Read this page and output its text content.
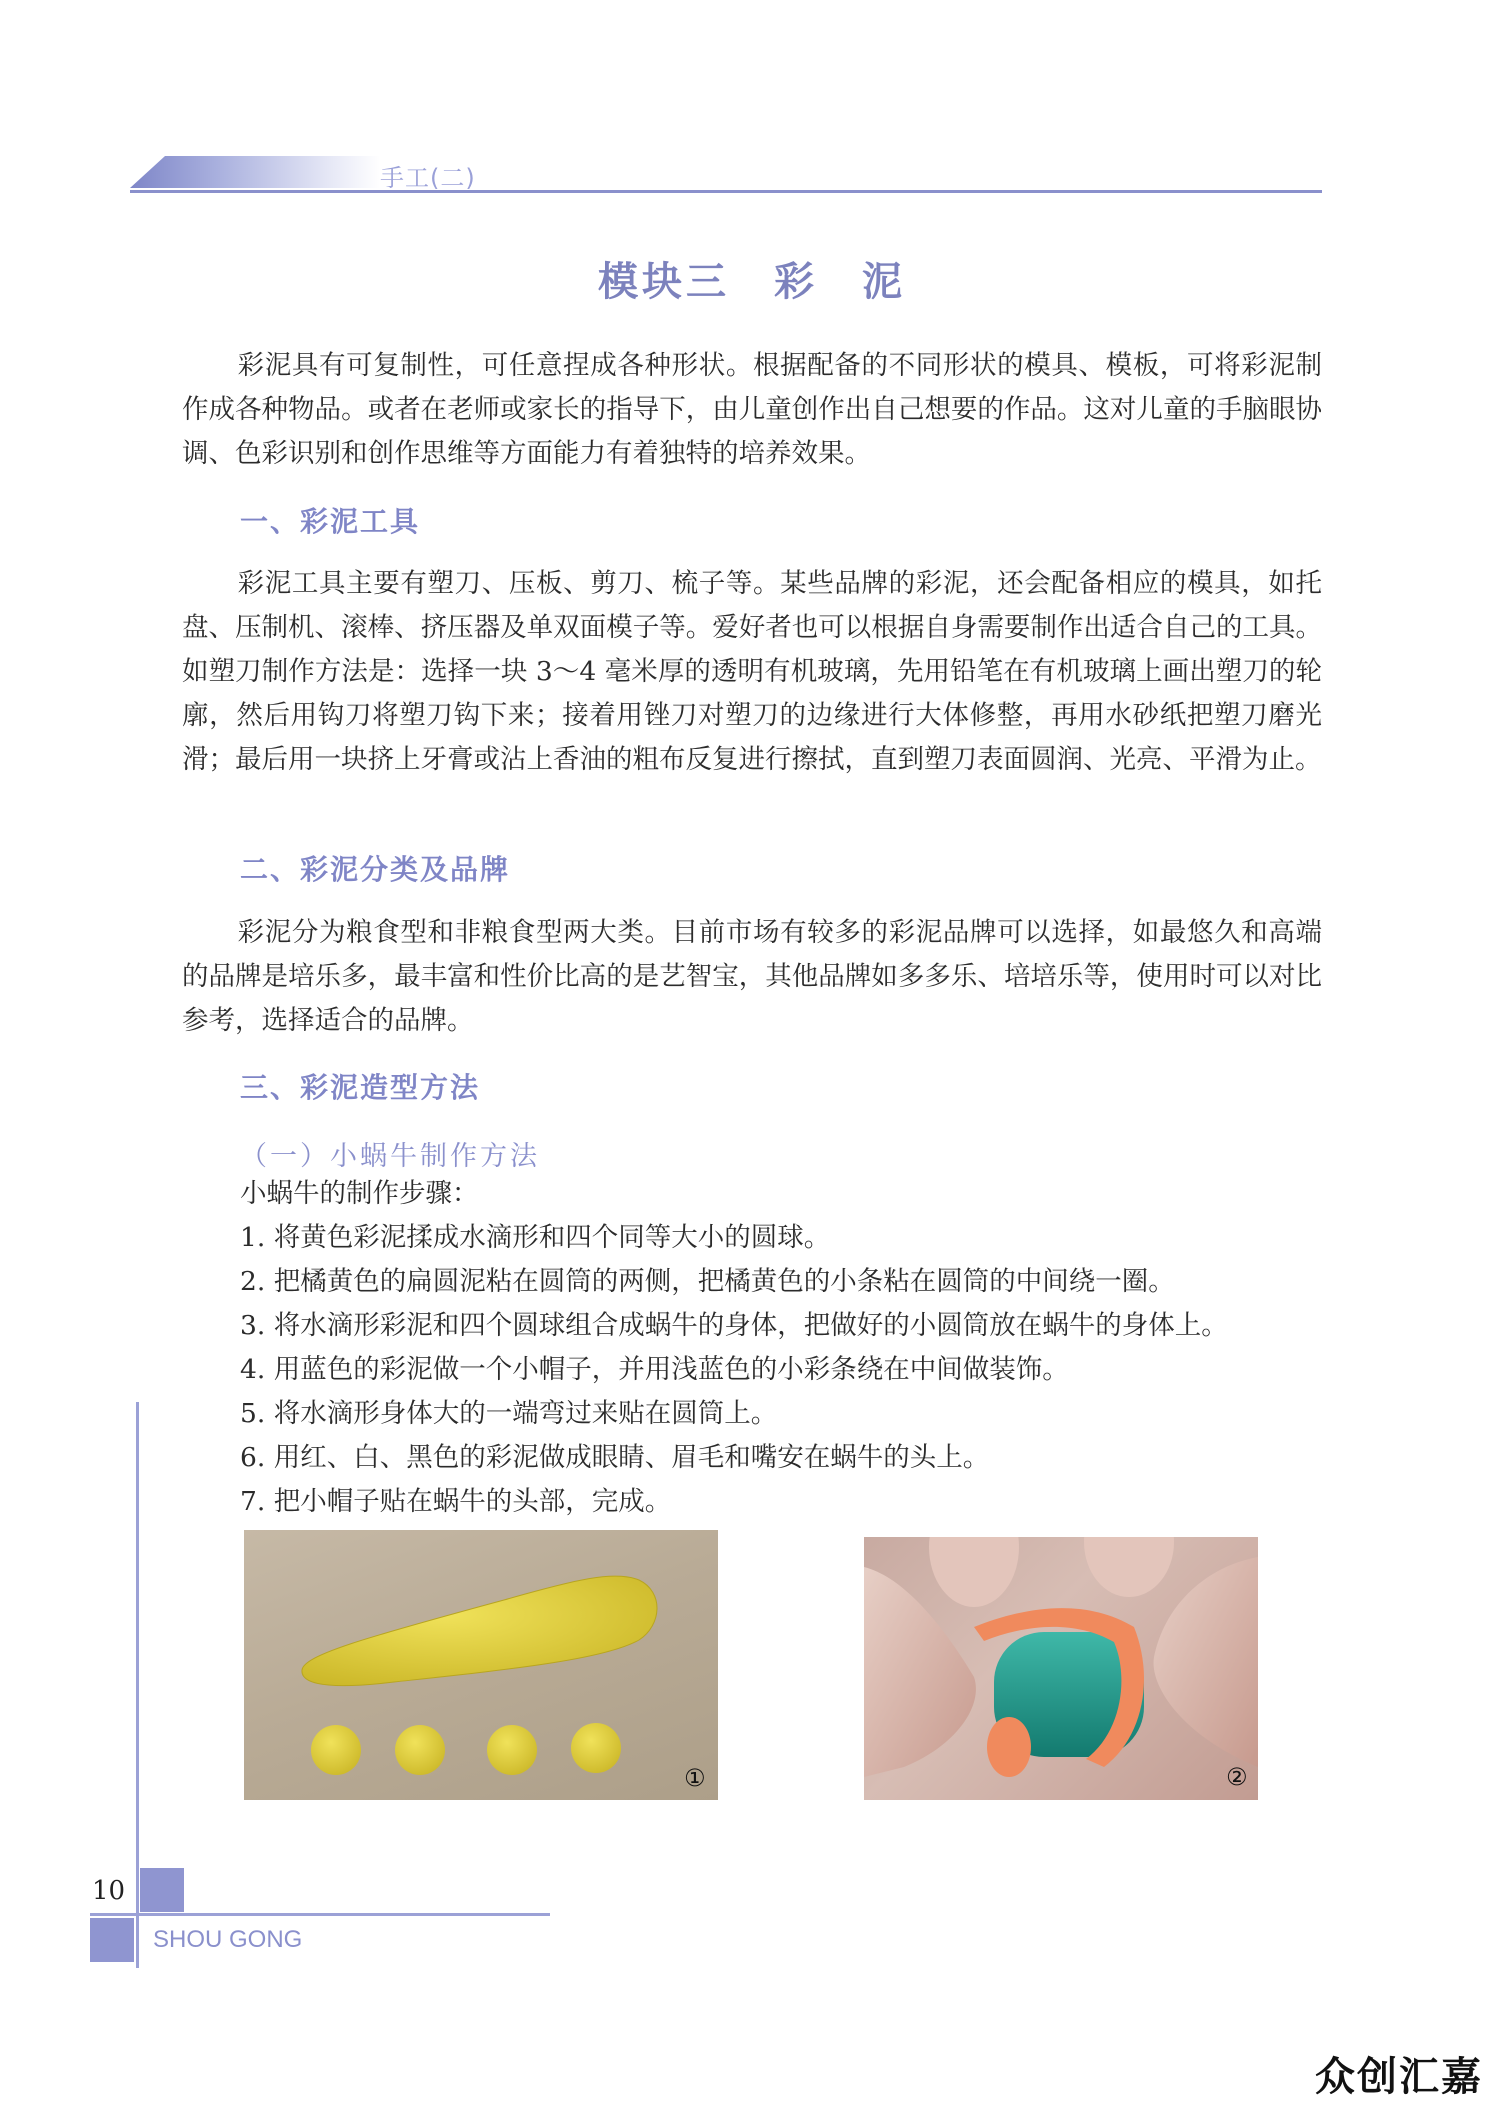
手工(二)
模块三　彩　泥

彩泥具有可复制性，可任意捏成各种形状。根据配备的不同形状的模具、模板，可将彩泥制作成各种物品。或者在老师或家长的指导下，由儿童创作出自己想要的作品。这对儿童的手脑眼协调、色彩识别和创作思维等方面能力有着独特的培养效果。

一、彩泥工具

彩泥工具主要有塑刀、压板、剪刀、梳子等。某些品牌的彩泥，还会配备相应的模具，如托盘、压制机、滚棒、挤压器及单双面模子等。爱好者也可以根据自身需要制作出适合自己的工具。如塑刀制作方法是：选择一块 3～4 毫米厚的透明有机玻璃，先用铅笔在有机玻璃上画出塑刀的轮廓，然后用钩刀将塑刀钩下来；接着用锉刀对塑刀的边缘进行大体修整，再用水砂纸把塑刀磨光滑；最后用一块挤上牙膏或沾上香油的粗布反复进行擦拭，直到塑刀表面圆润、光亮、平滑为止。

二、彩泥分类及品牌

彩泥分为粮食型和非粮食型两大类。目前市场有较多的彩泥品牌可以选择，如最悠久和高端的品牌是培乐多，最丰富和性价比高的是艺智宝，其他品牌如多多乐、培培乐等，使用时可以对比参考，选择适合的品牌。

三、彩泥造型方法
（一）小蜗牛制作方法
小蜗牛的制作步骤：
1. 将黄色彩泥揉成水滴形和四个同等大小的圆球。
2. 把橘黄色的扁圆泥粘在圆筒的两侧，把橘黄色的小条粘在圆筒的中间绕一圈。
3. 将水滴形彩泥和四个圆球组合成蜗牛的身体，把做好的小圆筒放在蜗牛的身体上。
4. 用蓝色的彩泥做一个小帽子，并用浅蓝色的小彩条绕在中间做装饰。
5. 将水滴形身体大的一端弯过来贴在圆筒上。
6. 用红、白、黑色的彩泥做成眼睛、眉毛和嘴安在蜗牛的头上。
7. 把小帽子贴在蜗牛的头部，完成。
①	②
10
SHOU GONG
众创汇嘉
